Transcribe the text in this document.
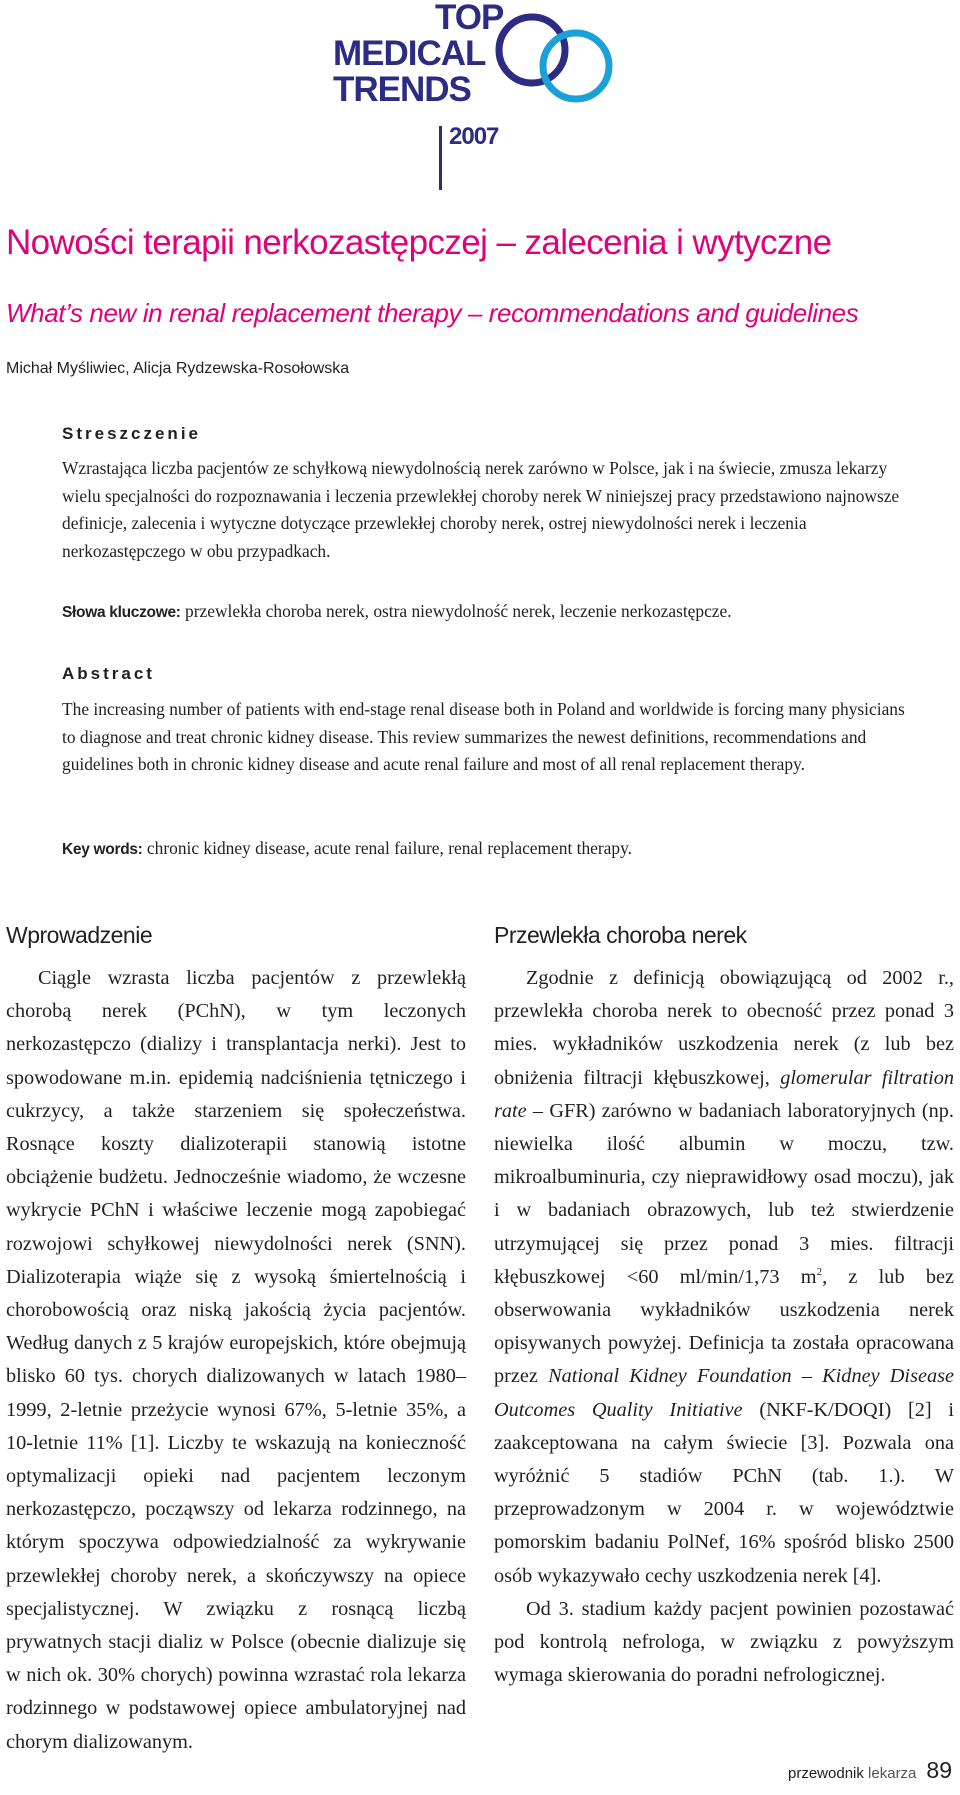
TOP
MEDICAL
TRENDS
2007
Nowości terapii nerkozastępczej – zalecenia i wytyczne
What’s new in renal replacement therapy – recommendations and guidelines
Michał Myśliwiec, Alicja Rydzewska-Rosołowska
Streszczenie
Wzrastająca liczba pacjentów ze schyłkową niewydolnością nerek zarówno w Polsce, jak i na świecie, zmusza lekarzy wielu specjalności do rozpoznawania i leczenia przewlekłej choroby nerek W niniejszej pracy przedstawiono najnowsze definicje, zalecenia i wytyczne dotyczące przewlekłej choroby nerek, ostrej niewydolności nerek i leczenia nerkozastępczego w obu przypadkach.
Słowa kluczowe: przewlekła choroba nerek, ostra niewydolność nerek, leczenie nerkozastępcze.
Abstract
The increasing number of patients with end-stage renal disease both in Poland and worldwide is forcing many physicians to diagnose and treat chronic kidney disease. This review summarizes the newest definitions, recommendations and guidelines both in chronic kidney disease and acute renal failure and most of all renal replacement therapy.
Key words: chronic kidney disease, acute renal failure, renal replacement therapy.
Wprowadzenie	Przewlekła choroba nerek

Ciągle wzrasta liczba pacjentów z przewlekłą chorobą nerek (PChN), w tym leczonych nerkozastępczo (dializy i transplantacja nerki). Jest to spowodowane m.in. epidemią nadciśnienia tętniczego i cukrzycy, a także starzeniem się społeczeństwa. Rosnące koszty dializoterapii stanowią istotne obciążenie budżetu. Jednocześnie wiadomo, że wczesne wykrycie PChN i właściwe leczenie mogą zapobiegać rozwojowi schyłkowej niewydolności nerek (SNN). Dializoterapia wiąże się z wysoką śmiertelnością i chorobowością oraz niską jakością życia pacjentów. Według danych z 5 krajów europejskich, które obejmują blisko 60 tys. chorych dializowanych w latach 1980–1999, 2-letnie przeżycie wynosi 67%, 5-letnie 35%, a 10-letnie 11% [1]. Liczby te wskazują na konieczność optymalizacji opieki nad pacjentem leczonym nerkozastępczo, począwszy od lekarza rodzinnego, na którym spoczywa odpowiedzialność za wykrywanie przewlekłej choroby nerek, a skończywszy na opiece specjalistycznej. W związku z rosnącą liczbą prywatnych stacji dializ w Polsce (obecnie dializuje się w nich ok. 30% chorych) powinna wzrastać rola lekarza rodzinnego w podstawowej opiece ambulatoryjnej nad chorym dializowanym.

Zgodnie z definicją obowiązującą od 2002 r., przewlekła choroba nerek to obecność przez ponad 3 mies. wykładników uszkodzenia nerek (z lub bez obniżenia filtracji kłębuszkowej, glomerular filtration rate – GFR) zarówno w badaniach laboratoryjnych (np. niewielka ilość albumin w moczu, tzw. mikroalbuminuria, czy nieprawidłowy osad moczu), jak i w badaniach obrazowych, lub też stwierdzenie utrzymującej się przez ponad 3 mies. filtracji kłębuszkowej <60 ml/min/1,73 $m^2$, z lub bez obserwowania wykładników uszkodzenia nerek opisywanych powyżej. Definicja ta została opracowana przez National Kidney Foundation – Kidney Disease Outcomes Quality Initiative (NKF-K/DOQI) [2] i zaakceptowana na całym świecie [3]. Pozwala ona wyróżnić 5 stadiów PChN (tab. 1.). W przeprowadzonym w 2004 r. w województwie pomorskim badaniu PolNef, 16% spośród blisko 2500 osób wykazywało cechy uszkodzenia nerek [4].

Od 3. stadium każdy pacjent powinien pozostawać pod kontrolą nefrologa, w związku z powyższym wymaga skierowania do poradni nefrologicznej.

przewodnik lekarza 89
